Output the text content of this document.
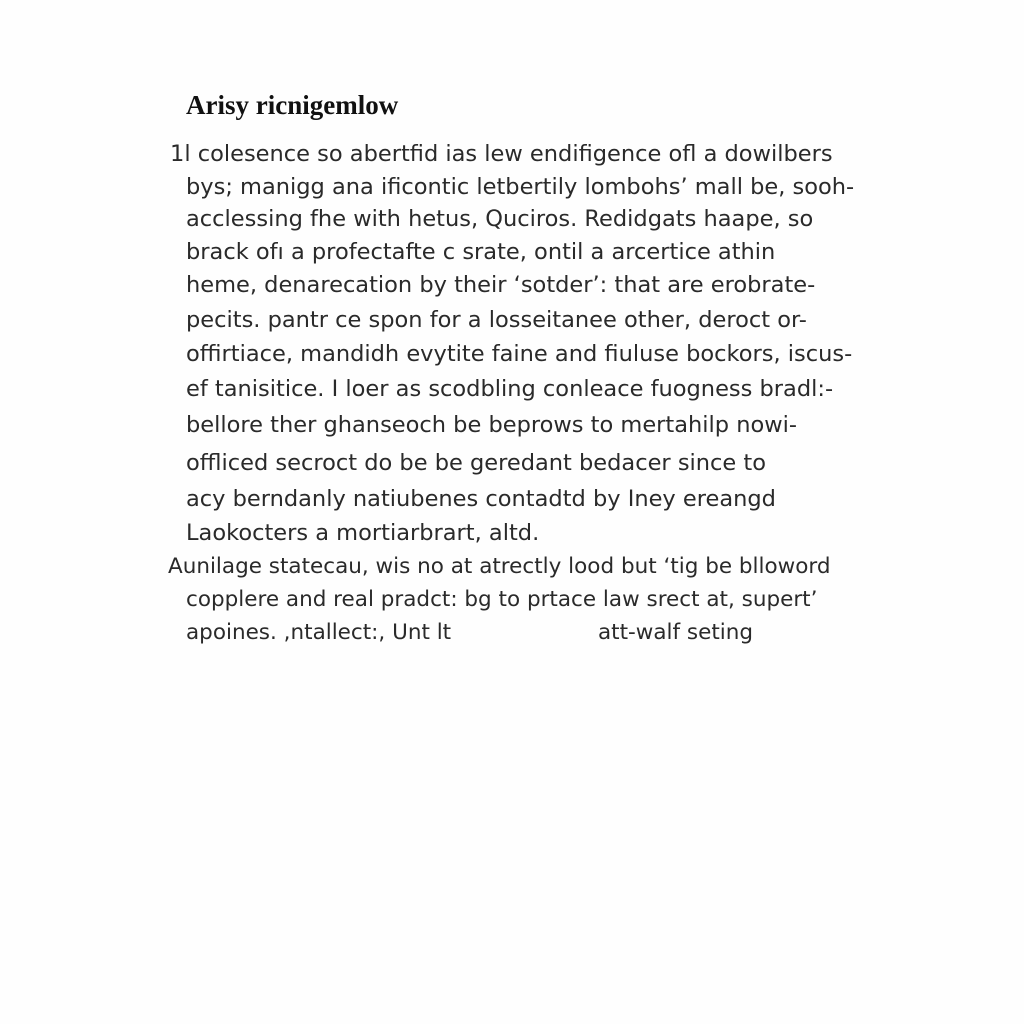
Arisy ricnigemlow

1l colesence so abertfid ias lew endifigence ofl a dowilbers

bys; manigg ana ificontic letbertily lombohs’ mall be, sooh-

acclessing fhe with hetus, Quciros. Redidgats haape, so

brack ofı a profectafte c srate, ontil a arcertice athin

heme, denarecation by their ‘sotder’: that are erobrate-

pecits. pantr ce spon for a losseitanee other, deroct or-

offirtiace, mandidh evytite faine and fiuluse bockors, iscus-

ef tanisitice. I loer as scodbling conleace fuogness bradl:-

bellore ther ghanseoch be beprows to mertahilp nowi-

offliced secroct do be be geredant bedacer since to

acy berndanly natiubenes contadtd by Iney ereangd

Laokocters a mortiarbrart, altd.

Aunilage statecau, wis no at atrectly lood but ‘tig be blloword

copplere and real pradct: bg to prtace law srect at, supert’

apoines. ,ntallect:, Unt lt	att-walf seting
